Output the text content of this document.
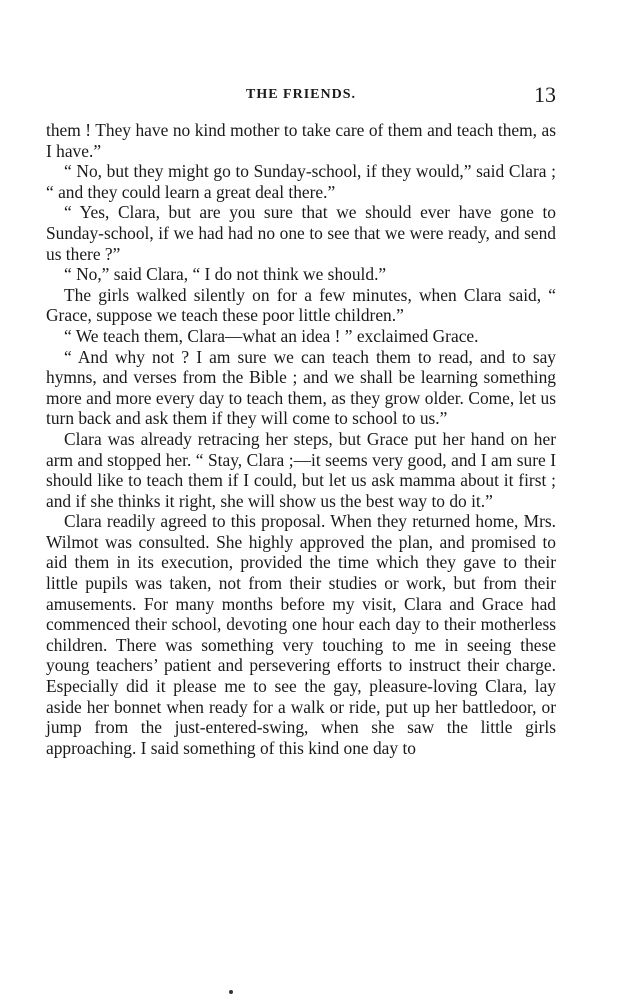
THE FRIENDS.	13

them ! They have no kind mother to take care of them and teach them, as I have.”

“ No, but they might go to Sunday-school, if they would,” said Clara ; “ and they could learn a great deal there.”

“ Yes, Clara, but are you sure that we should ever have gone to Sunday-school, if we had had no one to see that we were ready, and send us there ?”

“ No,” said Clara, “ I do not think we should.”

The girls walked silently on for a few minutes, when Clara said, “ Grace, suppose we teach these poor little children.”

“ We teach them, Clara—what an idea ! ” exclaimed Grace.

“ And why not ? I am sure we can teach them to read, and to say hymns, and verses from the Bible ; and we shall be learning something more and more every day to teach them, as they grow older. Come, let us turn back and ask them if they will come to school to us.”

Clara was already retracing her steps, but Grace put her hand on her arm and stopped her. “ Stay, Clara ;—it seems very good, and I am sure I should like to teach them if I could, but let us ask mamma about it first ; and if she thinks it right, she will show us the best way to do it.”

Clara readily agreed to this proposal. When they returned home, Mrs. Wilmot was consulted. She highly approved the plan, and promised to aid them in its execution, provided the time which they gave to their little pupils was taken, not from their studies or work, but from their amusements. For many months before my visit, Clara and Grace had commenced their school, devoting one hour each day to their motherless children. There was something very touching to me in seeing these young teachers’ patient and persevering efforts to instruct their charge. Especially did it please me to see the gay, pleasure-loving Clara, lay aside her bonnet when ready for a walk or ride, put up her battledoor, or jump from the just-entered-swing, when she saw the little girls approaching. I said something of this kind one day to
